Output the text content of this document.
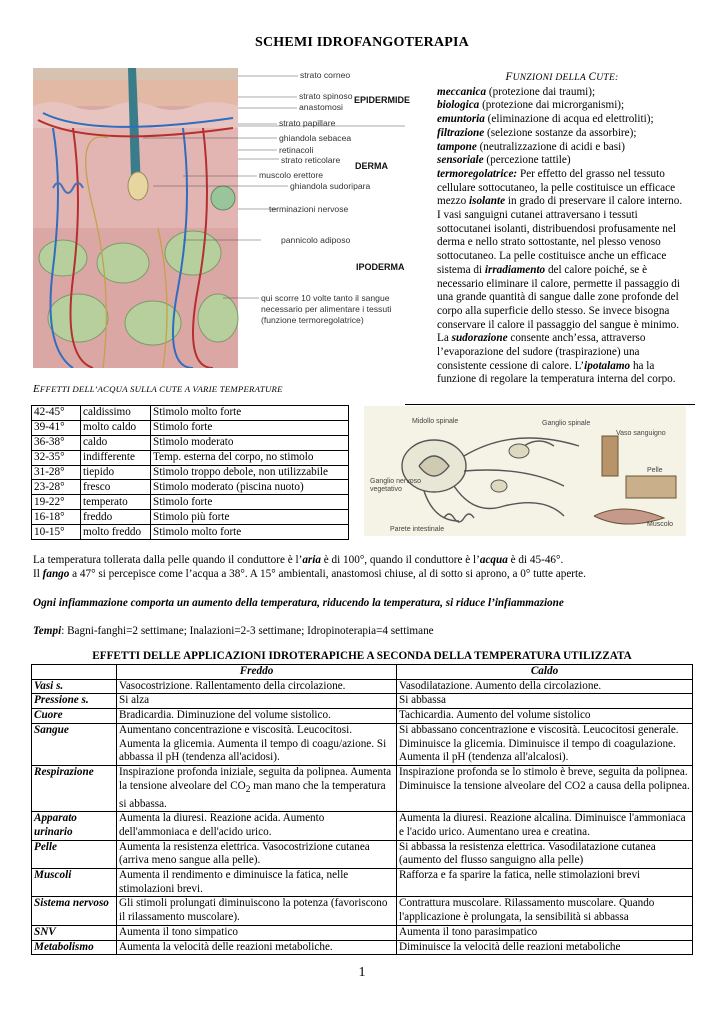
SCHEMI IDROFANGOTERAPIA
strato corneo
strato spinoso
anastomosi
EPIDERMIDE
strato papillare
ghiandola sebacea
retinacoli
strato reticolare
DERMA
muscolo erettore
ghiandola sudoripara
terminazioni nervose
pannicolo adiposo
IPODERMA
qui scorre 10 volte tanto il sangue
necessario per alimentare i tessuti
(funzione termoregolatrice)
FUNZIONI DELLA CUTE:
meccanica (protezione dai traumi);
biologica (protezione dai microrganismi);
emuntoria (eliminazione di acqua ed elettroliti);
filtrazione (selezione sostanze da assorbire);
tampone (neutralizzazione di acidi e basi)
sensoriale (percezione tattile)
termoregolatrice: Per effetto del grasso nel tessuto cellulare sottocutaneo, la pelle costituisce un efficace mezzo isolante in grado di preservare il calore interno. I vasi sanguigni cutanei attraversano i tessuti sottocutanei isolanti, distribuendosi profusamente nel derma e nello strato sottostante, nel plesso venoso sottocutaneo. La pelle costituisce anche un efficace sistema di irradiamento del calore poiché, se è necessario eliminare il calore, permette il passaggio di una grande quantità di sangue dalle zone profonde del corpo alla superficie dello stesso. Se invece bisogna conservare il calore il passaggio del sangue è minimo. La sudorazione consente anch’essa, attraverso l’evaporazione del sudore (traspirazione) una consistente cessione di calore. L’ipotalamo ha la funzione di regolare la temperatura interna del corpo.
EFFETTI DELL’ACQUA SULLA CUTE A VARIE TEMPERATURE
42-45°	caldissimo	Stimolo molto forte
39-41°	molto caldo	Stimolo forte
36-38°	caldo	Stimolo moderato
32-35°	indifferente	Temp. esterna del corpo, no stimolo
31-28°	tiepido	Stimolo troppo debole, non utilizzabile
23-28°	fresco	Stimolo moderato (piscina nuoto)
19-22°	temperato	Stimolo forte
16-18°	freddo	Stimolo più forte
10-15°	molto freddo	Stimolo molto forte
Midollo spinale	Ganglio spinale
Vaso sanguigno
Ganglio nervoso
vegetativo
Pelle
Parete intestinale
Muscolo
La temperatura tollerata dalla pelle quando il conduttore è l’aria è di 100°, quando il conduttore è l’acqua è di 45-46°.
Il fango a 47° si percepisce come l’acqua a 38°. A 15° ambientali, anastomosi chiuse, al di sotto si aprono, a 0° tutte aperte.
Ogni infiammazione comporta un aumento della temperatura, riducendo la temperatura, si riduce l’infiammazione
Tempi: Bagni-fanghi=2 settimane; Inalazioni=2-3 settimane; Idropinoterapia=4 settimane
EFFETTI DELLE APPLICAZIONI IDROTERAPICHE A SECONDA DELLA TEMPERATURA UTILIZZATA
	Freddo	Caldo
Vasi s.	Vasocostrizione. Rallentamento della circolazione.	Vasodilatazione. Aumento della circolazione.
Pressione s.	Si alza	Si abbassa
Cuore	Bradicardia. Diminuzione del volume sistolico.	Tachicardia. Aumento del volume sistolico
Sangue	Aumentano concentrazione e viscosità. Leucocitosi. Aumenta la glicemia. Aumenta il tempo di coagu/azione. Si abbassa il pH (tendenza all'acidosi).	Si abbassano concentrazione e viscosità. Leucocitosi generale. Diminuisce la glicemia. Diminuisce il tempo di coagulazione. Aumenta il pH (tendenza all'alcalosi).
Respirazione	Inspirazione profonda iniziale, seguita da polipnea. Aumenta la tensione alveolare del $CO_2$ man mano che la temperatura si abbassa.	Inspirazione profonda se lo stimolo è breve, seguita da polipnea. Diminuisce la tensione alveolare del CO2 a causa della polipnea.
Apparato urinario	Aumenta la diuresi. Reazione acida. Aumento dell'ammoniaca e dell'acido urico.	Aumenta la diuresi. Reazione alcalina. Diminuisce l'ammoniaca e l'acido urico. Aumentano urea e creatina.
Pelle	Aumenta la resistenza elettrica. Vasocostrizione cutanea (arriva meno sangue alla pelle).	Si abbassa la resistenza elettrica. Vasodilatazione cutanea (aumento del flusso sanguigno alla pelle)
Muscoli	Aumenta il rendimento e diminuisce la fatica, nelle stimolazioni brevi.	Rafforza e fa sparire la fatica, nelle stimolazioni brevi
Sistema nervoso	Gli stimoli prolungati diminuiscono la potenza (favoriscono il rilassamento muscolare).	Contrattura muscolare. Rilassamento muscolare. Quando l'applicazione è prolungata, la sensibilità si abbassa
SNV	Aumenta il tono simpatico	Aumenta il tono parasimpatico
Metabolismo	Aumenta la velocità delle reazioni metaboliche.	Diminuisce la velocità delle reazioni metaboliche
1
